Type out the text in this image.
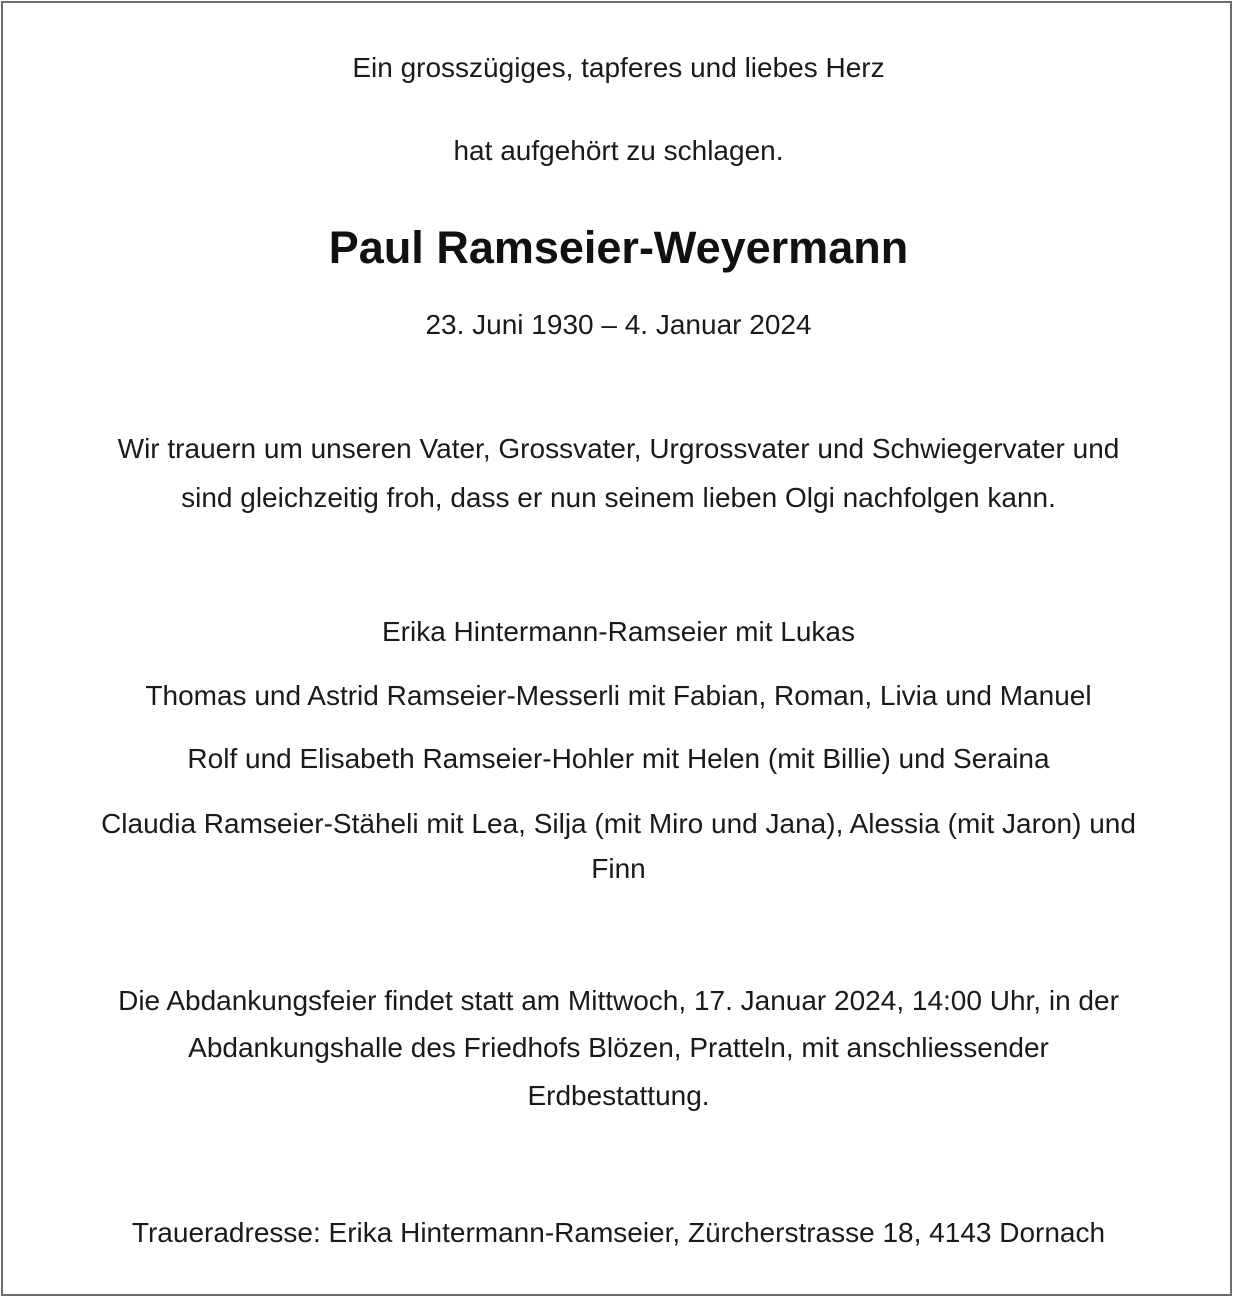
Ein grosszügiges, tapferes und liebes Herz
hat aufgehört zu schlagen.
Paul Ramseier-Weyermann
23. Juni 1930 – 4. Januar 2024
Wir trauern um unseren Vater, Grossvater, Urgrossvater und Schwiegervater und
sind gleichzeitig froh, dass er nun seinem lieben Olgi nachfolgen kann.
Erika Hintermann-Ramseier mit Lukas
Thomas und Astrid Ramseier-Messerli mit Fabian, Roman, Livia und Manuel
Rolf und Elisabeth Ramseier-Hohler mit Helen (mit Billie) und Seraina
Claudia Ramseier-Stäheli mit Lea, Silja (mit Miro und Jana), Alessia (mit Jaron) und
Finn
Die Abdankungsfeier findet statt am Mittwoch, 17. Januar 2024, 14:00 Uhr, in der
Abdankungshalle des Friedhofs Blözen, Pratteln, mit anschliessender
Erdbestattung.
Traueradresse: Erika Hintermann-Ramseier, Zürcherstrasse 18, 4143 Dornach
